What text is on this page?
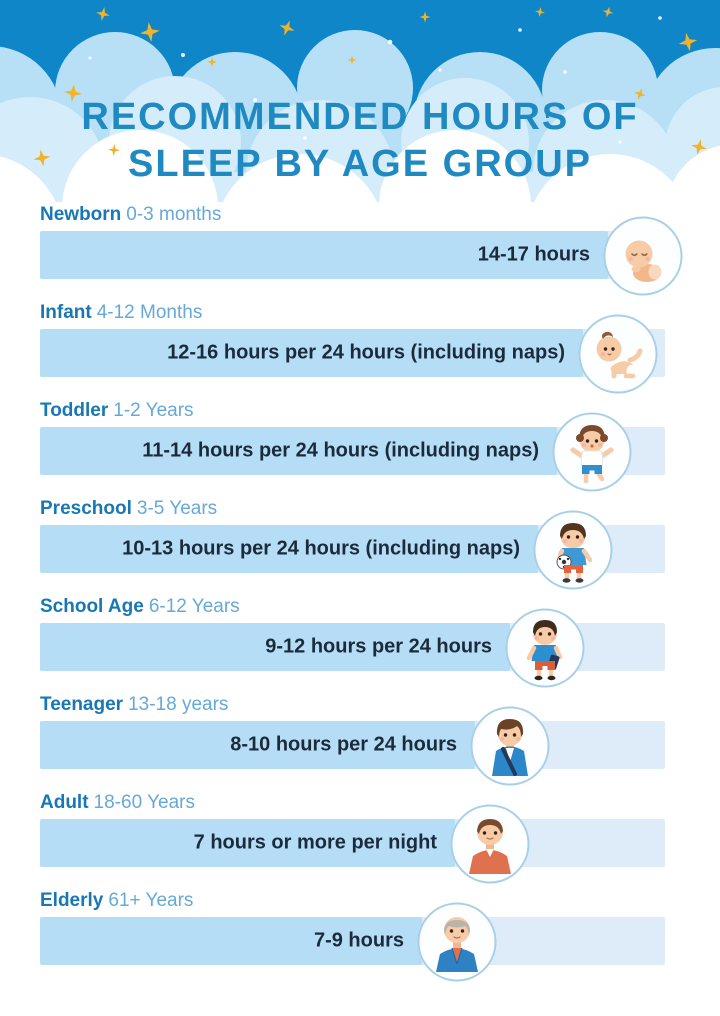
RECOMMENDED HOURS OF
SLEEP BY AGE GROUP
Newborn 0-3 months
14-17 hours
Infant 4-12 Months
12-16 hours per 24 hours (including naps)
Toddler 1-2 Years
11-14 hours per 24 hours (including naps)
Preschool 3-5 Years
10-13 hours per 24 hours (including naps)
School Age 6-12 Years
9-12 hours per 24 hours
Teenager 13-18 years
8-10 hours per 24 hours
Adult 18-60 Years
7 hours or more per night
Elderly 61+ Years
7-9 hours
